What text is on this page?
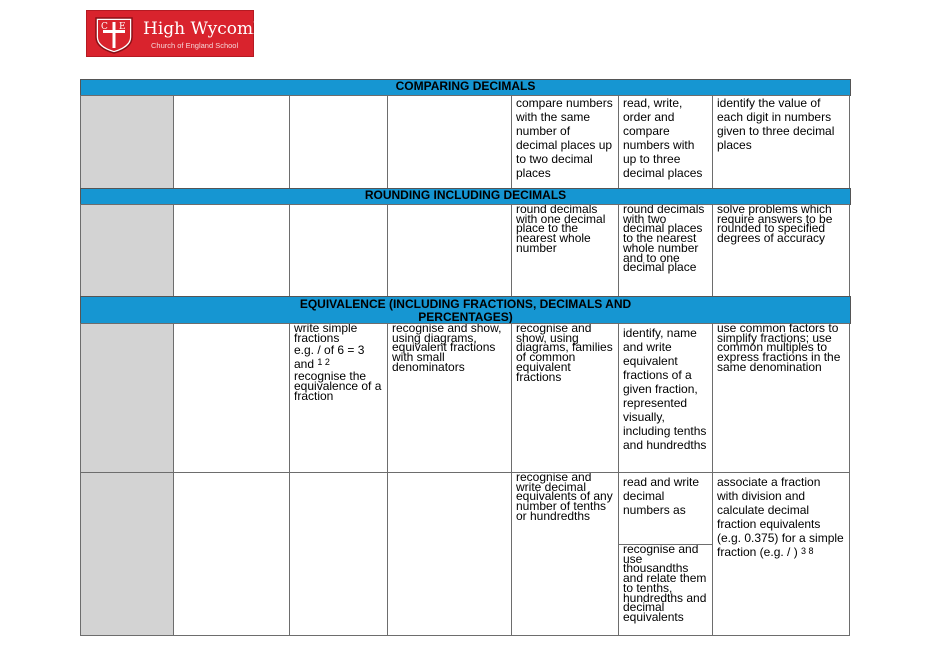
C E High Wycombe
Church of England School
COMPARING DECIMALS
compare numbers with the same number of decimal places up to two decimal places
read, write, order and compare numbers with up to three decimal places
identify the value of each digit in numbers given to three decimal places
ROUNDING INCLUDING DECIMALS
round decimals with one decimal place to the nearest whole number
round decimals with two decimal places to the nearest whole number and to one decimal place
solve problems which require answers to be rounded to specified degrees of accuracy
EQUIVALENCE (INCLUDING FRACTIONS, DECIMALS AND
PERCENTAGES)
write simple fractions
e.g. / of 6 = 3 and $^{1 2}$
recognise the equivalence of a fraction
recognise and show, using diagrams, equivalent fractions with small denominators
recognise and show, using diagrams, families of common equivalent fractions
identify, name and write equivalent fractions of a given fraction, represented visually, including tenths and hundredths
use common factors to simplify fractions; use common multiples to express fractions in the same denomination
recognise and write decimal equivalents of any number of tenths or hundredths
read and write decimal numbers as
recognise and use thousandths and relate them to tenths, hundredths and decimal equivalents
associate a fraction with division and calculate decimal fraction equivalents (e.g. 0.375) for a simple fraction (e.g. / ) 3 8
